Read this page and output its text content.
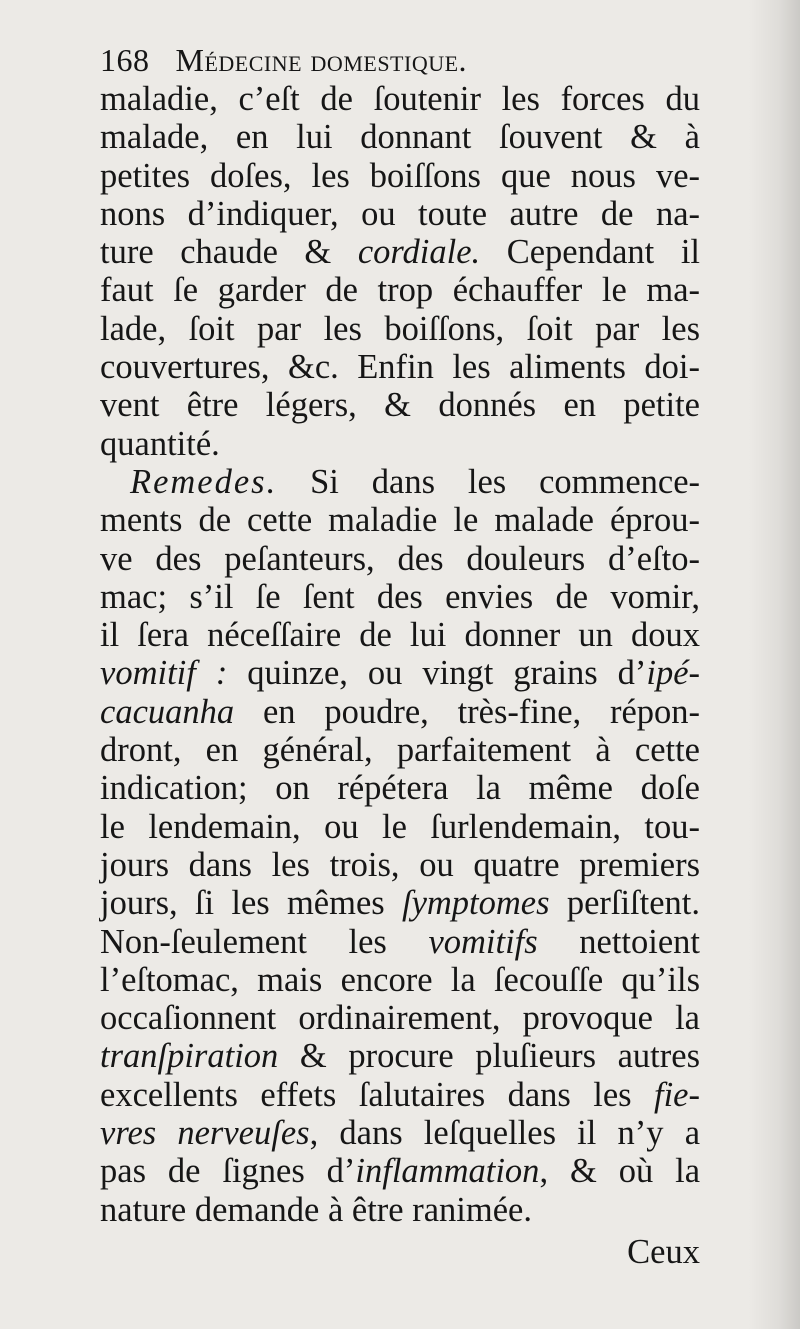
168 Médecine domestique.
maladie, c’eſt de ſoutenir les forces du
malade, en lui donnant ſouvent & à
petites doſes, les boiſſons que nous ve-
nons d’indiquer, ou toute autre de na-
ture chaude & cordiale. Cependant il
faut ſe garder de trop échauffer le ma-
lade, ſoit par les boiſſons, ſoit par les
couvertures, &c. Enfin les aliments doi-
vent être légers, & donnés en petite
quantité.
Remedes. Si dans les commence-
ments de cette maladie le malade éprou-
ve des peſanteurs, des douleurs d’eſto-
mac; s’il ſe ſent des envies de vomir,
il ſera néceſſaire de lui donner un doux
vomitif : quinze, ou vingt grains d’ipé-
cacuanha en poudre, très-fine, répon-
dront, en général, parfaitement à cette
indication; on répétera la même doſe
le lendemain, ou le ſurlendemain, tou-
jours dans les trois, ou quatre premiers
jours, ſi les mêmes ſymptomes perſiſtent.
Non-ſeulement les vomitifs nettoient
l’eſtomac, mais encore la ſecouſſe qu’ils
occaſionnent ordinairement, provoque la
tranſpiration & procure pluſieurs autres
excellents effets ſalutaires dans les fie-
vres nerveuſes, dans leſquelles il n’y a
pas de ſignes d’inflammation, & où la
nature demande à être ranimée.
Ceux
